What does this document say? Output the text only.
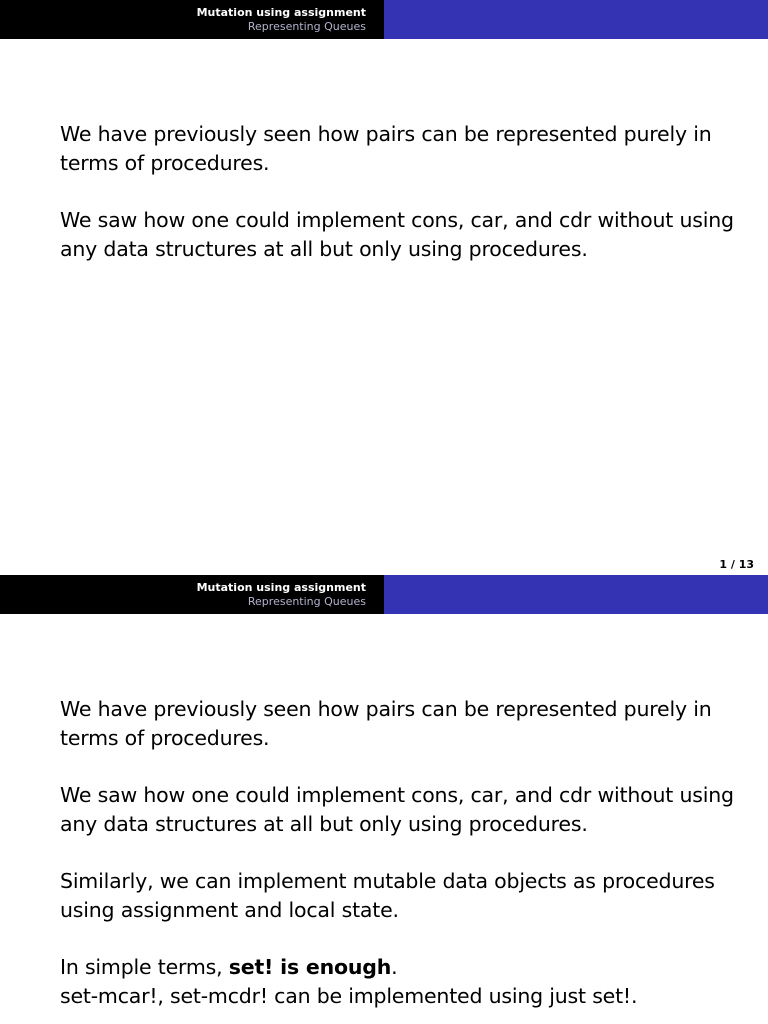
Mutation using assignment
Representing Queues

We have previously seen how pairs can be represented purely in
terms of procedures.

We saw how one could implement cons, car, and cdr without using
any data structures at all but only using procedures.

1 / 13
Mutation using assignment
Representing Queues

We have previously seen how pairs can be represented purely in
terms of procedures.

We saw how one could implement cons, car, and cdr without using
any data structures at all but only using procedures.

Similarly, we can implement mutable data objects as procedures
using assignment and local state.

In simple terms, set! is enough.
set-mcar!, set-mcdr! can be implemented using just set!.
